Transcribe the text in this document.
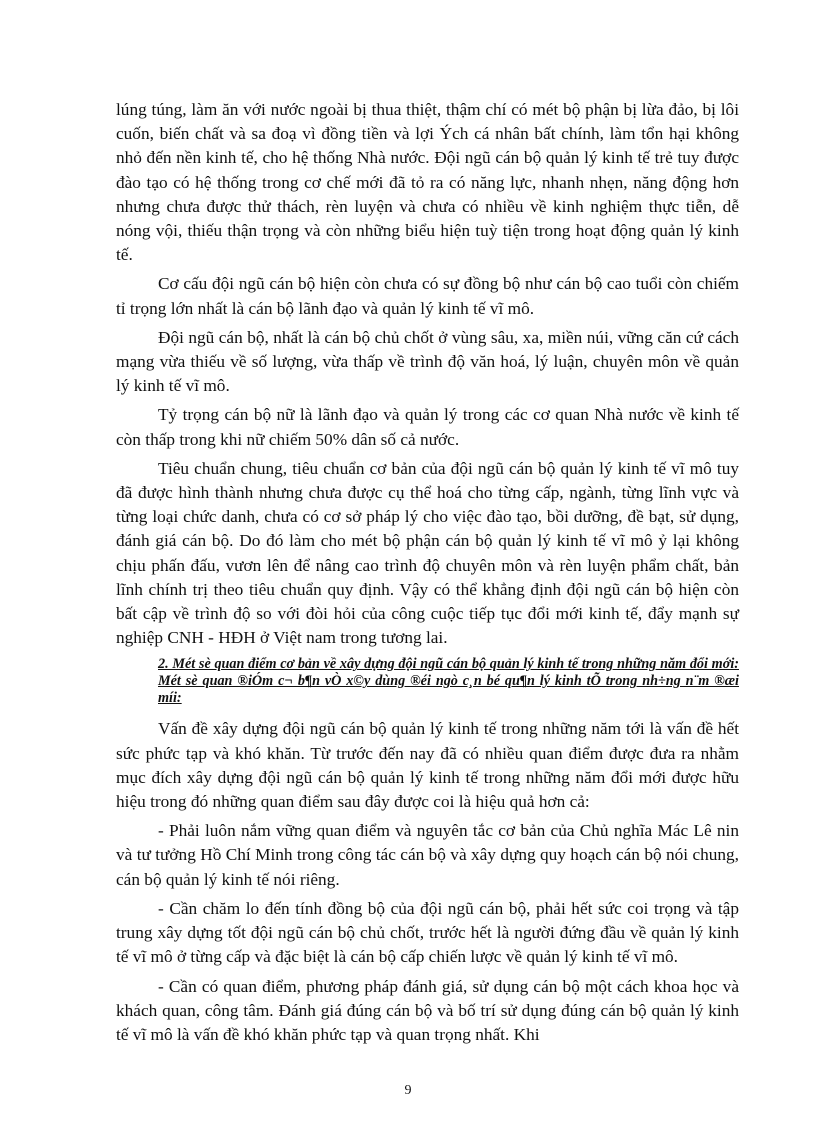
lúng túng, làm ăn với nước ngoài bị thua thiệt, thậm chí có mét bộ phận bị lừa đảo, bị lôi cuốn, biến chất và sa đoạ vì đồng tiền và lợi Ých cá nhân bất chính, làm tổn hại không nhỏ đến nền kinh tế, cho hệ thống Nhà nước. Đội ngũ cán bộ quản lý kinh tế trẻ tuy được đào tạo có hệ thống trong cơ chế mới đã tỏ ra có năng lực, nhanh nhẹn, năng động hơn nhưng chưa được thử thách, rèn luyện và chưa có nhiều về kinh nghiệm thực tiễn, dễ nóng vội, thiếu thận trọng và còn những biểu hiện tuỳ tiện trong hoạt động quản lý kinh tế.

Cơ cấu đội ngũ cán bộ hiện còn chưa có sự đồng bộ như cán bộ cao tuổi còn chiếm tỉ trọng lớn nhất là cán bộ lãnh đạo và quản lý kinh tế vĩ mô.

Đội ngũ cán bộ, nhất là cán bộ chủ chốt ở vùng sâu, xa, miền núi, vững căn cứ cách mạng vừa thiếu về số lượng, vừa thấp về trình độ văn hoá, lý luận, chuyên môn về quản lý kinh tế vĩ mô.

Tỷ trọng cán bộ nữ là lãnh đạo và quản lý trong các cơ quan Nhà nước về kinh tế còn thấp trong khi nữ chiếm 50% dân số cả nước.

Tiêu chuẩn chung, tiêu chuẩn cơ bản của đội ngũ cán bộ quản lý kinh tế vĩ mô tuy đã được hình thành nhưng chưa được cụ thể hoá cho từng cấp, ngành, từng lĩnh vực và từng loại chức danh, chưa có cơ sở pháp lý cho việc đào tạo, bồi dưỡng, đề bạt, sử dụng, đánh giá cán bộ. Do đó làm cho mét bộ phận cán bộ quản lý kinh tế vĩ mô ỷ lại không chịu phấn đấu, vươn lên để nâng cao trình độ chuyên môn và rèn luyện phẩm chất, bản lĩnh chính trị theo tiêu chuẩn quy định. Vậy có thể khẳng định đội ngũ cán bộ hiện còn bất cập về trình độ so với đòi hỏi của công cuộc tiếp tục đổi mới kinh tế, đẩy mạnh sự nghiệp CNH - HĐH ở Việt nam trong tương lai.

2. Mét sè quan điểm cơ bản về xây dựng đội ngũ cán bộ quản lý kinh tế trong những năm đổi mới: Mét sè quan ®iÓm c¬ b¶n vÒ x©y dùng ®éi ngò c¸n bé qu¶n lý kinh tÕ trong nh÷ng n¨m ®æi míi:

Vấn đề xây dựng đội ngũ cán bộ quản lý kinh tế trong những năm tới là vấn đề hết sức phức tạp và khó khăn. Từ trước đến nay đã có nhiều quan điểm được đưa ra nhằm mục đích xây dựng đội ngũ cán bộ quản lý kinh tế trong những năm đổi mới được hữu hiệu trong đó những quan điểm sau đây được coi là hiệu quả hơn cả:

- Phải luôn nắm vững quan điểm và nguyên tắc cơ bản của Chủ nghĩa Mác Lê nin và tư tưởng Hồ Chí Minh trong công tác cán bộ và xây dựng quy hoạch cán bộ nói chung, cán bộ quản lý kinh tế nói riêng.

- Cần chăm lo đến tính đồng bộ của đội ngũ cán bộ, phải hết sức coi trọng và tập trung xây dựng tốt đội ngũ cán bộ chủ chốt, trước hết là người đứng đầu về quản lý kinh tế vĩ mô ở từng cấp và đặc biệt là cán bộ cấp chiến lược về quản lý kinh tế vĩ mô.

- Cần có quan điểm, phương pháp đánh giá, sử dụng cán bộ một cách khoa học và khách quan, công tâm. Đánh giá đúng cán bộ và bố trí sử dụng đúng cán bộ quản lý kinh tế vĩ mô là vấn đề khó khăn phức tạp và quan trọng nhất. Khi

9
